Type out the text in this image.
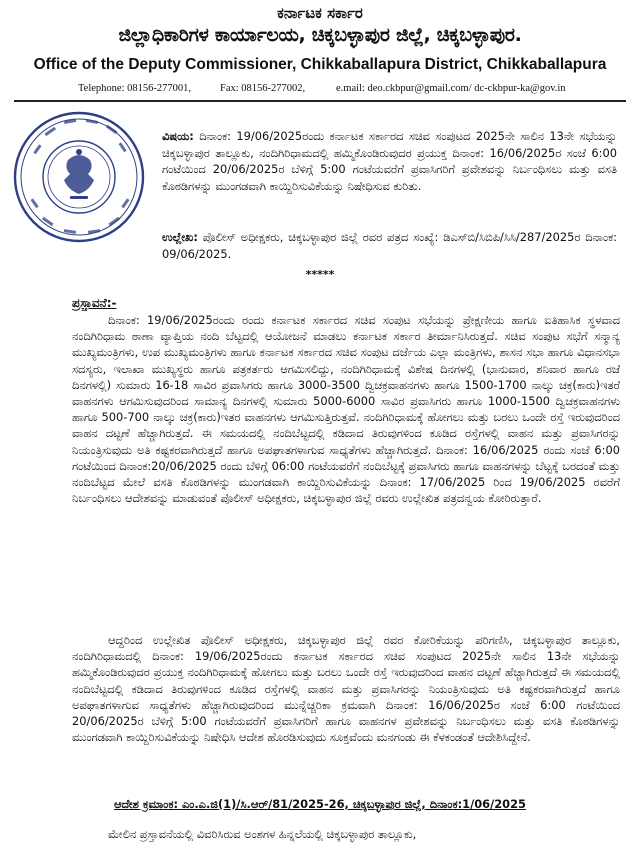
ಕರ್ನಾಟಕ ಸರ್ಕಾರ
ಜಿಲ್ಲಾಧಿಕಾರಿಗಳ ಕಾರ್ಯಾಲಯ, ಚಿಕ್ಕಬಳ್ಳಾಪುರ ಜಿಲ್ಲೆ, ಚಿಕ್ಕಬಳ್ಳಾಪುರ.
Office of the Deputy Commissioner, Chikkaballapura District, Chikkaballapura
Telephone: 08156-277001,	Fax: 08156-277002,	e.mail: deo.ckbpur@gmail.com/ dc-ckbpur-ka@gov.in
ವಿಷಯ: ದಿನಾಂಕ: 19/06/2025ರಂದು ಕರ್ನಾಟಕ ಸರ್ಕಾರದ ಸಚಿವ ಸಂಪುಟದ 2025ನೇ ಸಾಲಿನ 13ನೇ ಸಭೆಯನ್ನು ಚಿಕ್ಕಬಳ್ಳಾಪುರ ತಾಲ್ಲೂಕು, ನಂದಿಗಿರಿಧಾಮದಲ್ಲಿ ಹಮ್ಮಿಕೊಂಡಿರುವುದರ ಪ್ರಯುಕ್ತ ದಿನಾಂಕ: 16/06/2025ರ ಸಂಜೆ 6:00 ಗಂಟೆಯಿಂದ 20/06/2025ರ ಬೆಳಿಗ್ಗೆ 5:00 ಗಂಟೆಯವರೆಗೆ ಪ್ರವಾಸಿಗರಿಗೆ ಪ್ರವೇಶವನ್ನು ನಿರ್ಬಂಧಿಸಲು ಮತ್ತು ವಸತಿ ಕೊಠಡಿಗಳನ್ನು ಮುಂಗಡವಾಗಿ ಕಾಯ್ದಿರಿಸುವಿಕೆಯನ್ನು ನಿಷೇಧಿಸುವ ಕುರಿತು.
ಉಲ್ಲೇಖ: ಪೊಲೀಸ್ ಅಧೀಕ್ಷಕರು, ಚಿಕ್ಕಬಳ್ಳಾಪುರ ಜಿಲ್ಲೆ ರವರ ಪತ್ರದ ಸಂಖ್ಯೆ: ಡಿಎಸ್‌ಬಿ/ಸಿಬಿಪಿ/ಸಿಸಿ/287/2025ರ ದಿನಾಂಕ: 09/06/2025.
*****
ಪ್ರಸ್ತಾವನೆ:-
ದಿನಾಂಕ: 19/06/2025ರಂದು ರಂದು ಕರ್ನಾಟಕ ಸರ್ಕಾರದ ಸಚಿವ ಸಂಪುಟ ಸಭೆಯನ್ನು ಪ್ರೇಕ್ಷಣೀಯ ಹಾಗೂ ಐತಿಹಾಸಿಕ ಸ್ಥಳವಾದ ನಂದಿಗಿರಿಧಾಮ ಠಾಣಾ ವ್ಯಾಪ್ತಿಯ ನಂದಿ ಬೆಟ್ಟದಲ್ಲಿ ಆಯೋಜನೆ ಮಾಡಲು ಕರ್ನಾಟಕ ಸರ್ಕಾರ ತೀರ್ಮಾನಿಸಿರುತ್ತದೆ. ಸಚಿವ ಸಂಪುಟ ಸಭೆಗೆ ಸನ್ಮಾನ್ಯ ಮುಖ್ಯಮಂತ್ರಿಗಳು, ಉಪ ಮುಖ್ಯಮಂತ್ರಿಗಳು ಹಾಗೂ ಕರ್ನಾಟಕ ಸರ್ಕಾರದ ಸಚಿವ ಸಂಪುಟ ದರ್ಜೆಯ ಎಲ್ಲಾ ಮಂತ್ರಿಗಳು, ಶಾಸನ ಸಭಾ ಹಾಗೂ ವಿಧಾನಸಭಾ ಸದಸ್ಯರು, ಇಲಾಖಾ ಮುಖ್ಯಸ್ಥರು ಹಾಗೂ ಪತ್ರಕರ್ತರು ಆಗಮಿಸಲಿದ್ದು, ನಂದಿಗಿರಿಧಾಮಕ್ಕೆ ವಿಶೇಷ ದಿನಗಳಲ್ಲಿ (ಭಾನುವಾರ, ಶನಿವಾರ ಹಾಗೂ ರಜೆ ದಿನಗಳಲ್ಲಿ) ಸುಮಾರು 16-18 ಸಾವಿರ ಪ್ರವಾಸಿಗರು ಹಾಗೂ 3000-3500 ದ್ವಿಚಕ್ರವಾಹನಗಳು ಹಾಗೂ 1500-1700 ನಾಲ್ಕು ಚಕ್ರ(ಕಾರು)ಇತರೆ ವಾಹನಗಳು ಆಗಮಿಸುವುದರಿಂದ ಸಾಮಾನ್ಯ ದಿನಗಳಲ್ಲಿ ಸುಮಾರು 5000-6000 ಸಾವಿರ ಪ್ರವಾಸಿಗರು ಹಾಗೂ 1000-1500 ದ್ವಿಚಕ್ರವಾಹನಗಳು ಹಾಗೂ 500-700 ನಾಲ್ಕು ಚಕ್ರ(ಕಾರು)ಇತರ ವಾಹನಗಳು ಆಗಮಿಸುತ್ತಿರುತ್ತವೆ. ನಂದಿಗಿರಿಧಾಮಕ್ಕೆ ಹೋಗಲು ಮತ್ತು ಬರಲು ಒಂದೇ ರಸ್ತೆ ಇರುವುದರಿಂದ ವಾಹನ ದಟ್ಟಣೆ ಹೆಚ್ಚಾಗಿರುತ್ತದೆ. ಈ ಸಮಯದಲ್ಲಿ ನಂದಿಬೆಟ್ಟದಲ್ಲಿ ಕಡಿದಾದ ತಿರುವುಗಳಿಂದ ಕೂಡಿದ ರಸ್ತೆಗಳಲ್ಲಿ ವಾಹನ ಮತ್ತು ಪ್ರವಾಸಿಗರನ್ನು ನಿಯಂತ್ರಿಸುವುದು ಅತಿ ಕಷ್ಟಕರವಾಗಿರುತ್ತದೆ ಹಾಗೂ ಅಪಘಾತಗಳಾಗುವ ಸಾಧ್ಯತೆಗಳು ಹೆಚ್ಚಾಗಿರುತ್ತದೆ. ದಿನಾಂಕ: 16/06/2025 ರಂದು ಸಂಜೆ 6:00 ಗಂಟೆಯಿಂದ ದಿನಾಂಕ:20/06/2025 ರಂದು ಬೆಳಿಗ್ಗೆ 06:00 ಗಂಟೆಯವರೆಗೆ ನಂದಿಬೆಟ್ಟಕ್ಕೆ ಪ್ರವಾಸಿಗರು ಹಾಗೂ ವಾಹನಗಳನ್ನು ಬೆಟ್ಟಕ್ಕೆ ಬರದಂತೆ ಮತ್ತು ನಂದಿಬೆಟ್ಟದ ಮೇಲೆ ವಸತಿ ಕೊಠಡಿಗಳನ್ನು ಮುಂಗಡವಾಗಿ ಕಾಯ್ದಿರಿಸುವಿಕೆಯನ್ನು ದಿನಾಂಕ: 17/06/2025 ರಿಂದ 19/06/2025 ರವರೆಗೆ ನಿರ್ಬಂಧಿಸಲು ಆದೇಶವನ್ನು ಮಾಡುವಂತೆ ಪೊಲೀಸ್ ಅಧೀಕ್ಷಕರು, ಚಿಕ್ಕಬಳ್ಳಾಪುರ ಜಿಲ್ಲೆ ರವರು ಉಲ್ಲೇಖಿತ ಪತ್ರದನ್ವಯ ಕೋರಿರುತ್ತಾರೆ.
ಆದ್ದರಿಂದ ಉಲ್ಲೇಖಿತ ಪೊಲೀಸ್ ಅಧೀಕ್ಷಕರು, ಚಿಕ್ಕಬಳ್ಳಾಪುರ ಜಿಲ್ಲೆ ರವರ ಕೋರಿಕೆಯನ್ನು ಪರಿಗಣಿಸಿ, ಚಿಕ್ಕಬಳ್ಳಾಪುರ ತಾಲ್ಲೂಕು, ನಂದಿಗಿರಿಧಾಮದಲ್ಲಿ ದಿನಾಂಕ: 19/06/2025ರಂದು ಕರ್ನಾಟಕ ಸರ್ಕಾರದ ಸಚಿವ ಸಂಪುಟದ 2025ನೇ ಸಾಲಿನ 13ನೇ ಸಭೆಯನ್ನು ಹಮ್ಮಿಕೊಂಡಿರುವುದರ ಪ್ರಯುಕ್ತ ನಂದಿಗಿರಿಧಾಮಕ್ಕೆ ಹೋಗಲು ಮತ್ತು ಬರಲು ಒಂದೇ ರಸ್ತೆ ಇರುವುದರಿಂದ ವಾಹನ ದಟ್ಟಣೆ ಹೆಚ್ಚಾಗಿರುತ್ತದೆ ಈ ಸಮಯದಲ್ಲಿ ನಂದಿಬೆಟ್ಟದಲ್ಲಿ ಕಡಿದಾದ ತಿರುವುಗಳಿಂದ ಕೂಡಿದ ರಸ್ತೆಗಳಲ್ಲಿ ವಾಹನ ಮತ್ತು ಪ್ರವಾಸಿಗರನ್ನು ನಿಯಂತ್ರಿಸುವುದು ಅತಿ ಕಷ್ಟಕರವಾಗಿರುತ್ತದೆ ಹಾಗೂ ಅಪಘಾತಗಳಾಗುವ ಸಾಧ್ಯತೆಗಳು ಹೆಚ್ಚಾಗಿರುವುದರಿಂದ ಮುನ್ನೆಚ್ಚರಿಕಾ ಕ್ರಮವಾಗಿ ದಿನಾಂಕ: 16/06/2025ರ ಸಂಜೆ 6:00 ಗಂಟೆಯಿಂದ 20/06/2025ರ ಬೆಳಿಗ್ಗೆ 5:00 ಗಂಟೆಯವರೆಗೆ ಪ್ರವಾಸಿಗರಿಗೆ ಹಾಗೂ ವಾಹನಗಳ ಪ್ರವೇಶವನ್ನು ನಿರ್ಬಂಧಿಸಲು ಮತ್ತು ವಸತಿ ಕೊಠಡಿಗಳನ್ನು ಮುಂಗಡವಾಗಿ ಕಾಯ್ದಿರಿಸುವಿಕೆಯನ್ನು ನಿಷೇಧಿಸಿ ಆದೇಶ ಹೊರಡಿಸುವುದು ಸೂಕ್ತವೆಂದು ಮನಗಂಡು ಈ ಕೆಳಕಂಡಂತೆ ಆದೇಶಿಸಿದ್ದೇನೆ.
ಆದೇಶ ಕ್ರಮಾಂಕ: ಎಂ.ಎ.ಜಿ(1)/ಸಿ.ಆರ್/81/2025-26, ಚಿಕ್ಕಬಳ್ಳಾಪುರ ಜಿಲ್ಲೆ, ದಿನಾಂಕ:1/06/2025
ಮೇಲಿನ ಪ್ರಸ್ತಾವನೆಯಲ್ಲಿ ವಿವರಿಸಿರುವ ಅಂಶಗಳ ಹಿನ್ನಲೆಯಲ್ಲಿ ಚಿಕ್ಕಬಳ್ಳಾಪುರ ತಾಲ್ಲೂಕು,
